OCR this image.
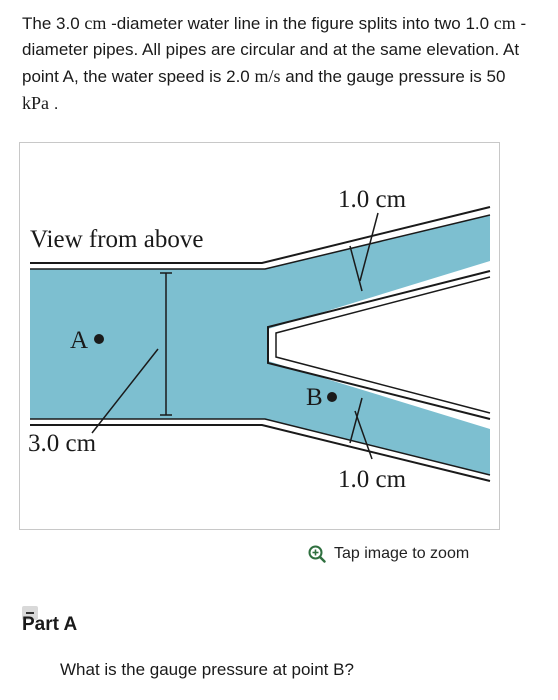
The 3.0 cm -diameter water line in the figure splits into two 1.0 cm -diameter pipes. All pipes are circular and at the same elevation. At point A, the water speed is 2.0 m/s and the gauge pressure is 50 kPa .
View from above
1.0 cm
1.0 cm
3.0 cm
A
B
Tap image to zoom
Part A
What is the gauge pressure at point B?
